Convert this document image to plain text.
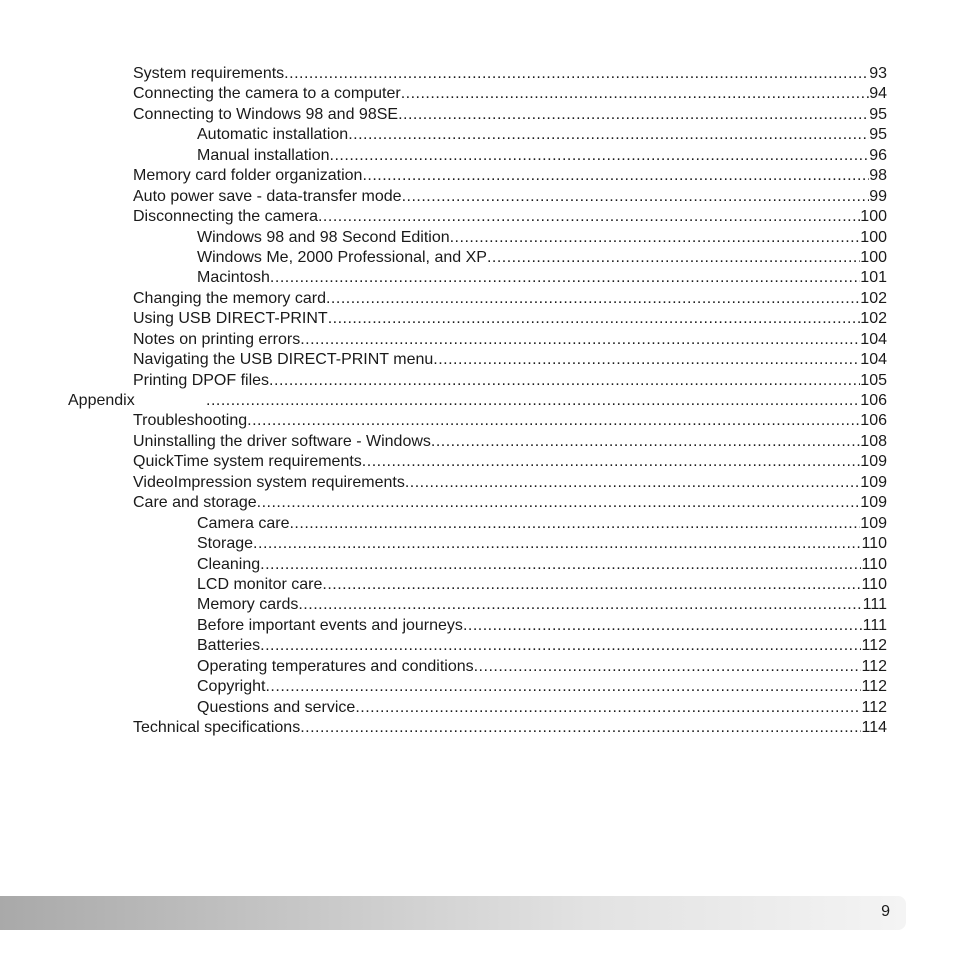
System requirements .....	93
Connecting the camera to a computer .....	94
Connecting to Windows 98 and 98SE .....	95
Automatic installation .....	95
Manual installation .....	96
Memory card folder organization .....	98
Auto power save - data-transfer mode .....	99
Disconnecting the camera .....	100
Windows 98 and 98 Second Edition .....	100
Windows Me, 2000 Professional, and XP .....	100
Macintosh .....	101
Changing the memory card .....	102
Using USB DIRECT-PRINT .....	102
Notes on printing errors .....	104
Navigating the USB DIRECT-PRINT menu .....	104
Printing DPOF files .....	105
Appendix .....	106
Troubleshooting .....	106
Uninstalling the driver software - Windows .....	108
QuickTime system requirements .....	109
VideoImpression system requirements .....	109
Care and storage .....	109
Camera care .....	109
Storage .....	110
Cleaning .....	110
LCD monitor care .....	110
Memory cards .....	111
Before important events and journeys .....	111
Batteries .....	112
Operating temperatures and conditions .....	112
Copyright .....	112
Questions and service .....	112
Technical specifications .....	114
9
